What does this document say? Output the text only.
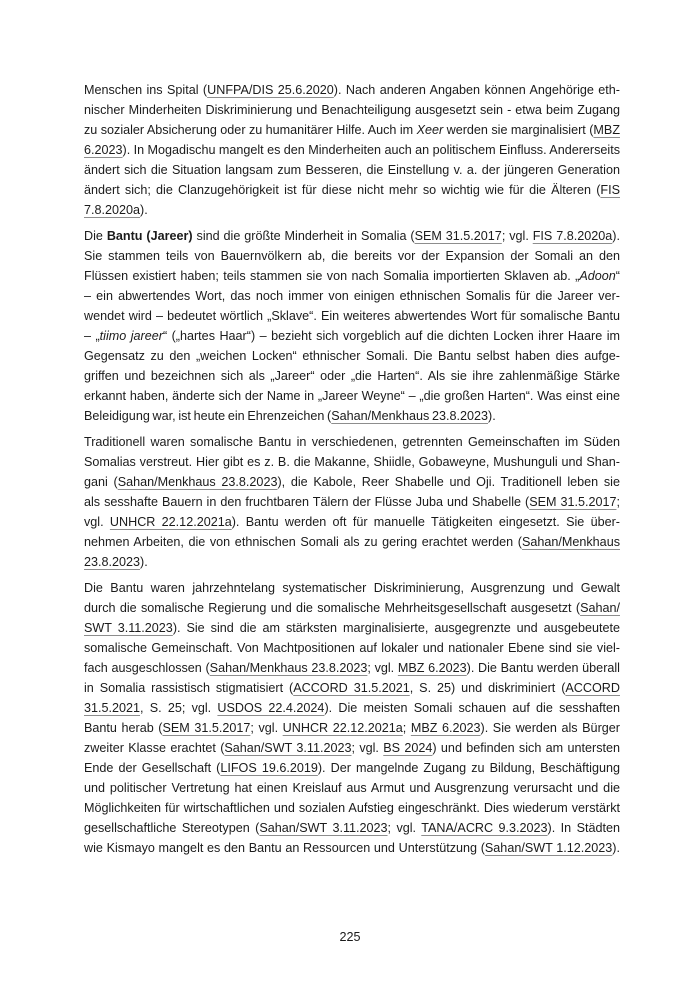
Menschen ins Spital (UNFPA/DIS 25.6.2020). Nach anderen Angaben können Angehörige eth-
nischer Minderheiten Diskriminierung und Benachteiligung ausgesetzt sein - etwa beim Zugang
zu sozialer Absicherung oder zu humanitärer Hilfe. Auch im Xeer werden sie marginalisiert (MBZ
6.2023). In Mogadischu mangelt es den Minderheiten auch an politischem Einfluss. Andererseits
ändert sich die Situation langsam zum Besseren, die Einstellung v. a. der jüngeren Generation
ändert sich; die Clanzugehörigkeit ist für diese nicht mehr so wichtig wie für die Älteren (FIS
7.8.2020a).
Die Bantu (Jareer) sind die größte Minderheit in Somalia (SEM 31.5.2017; vgl. FIS 7.8.2020a).
Sie stammen teils von Bauernvölkern ab, die bereits vor der Expansion der Somali an den
Flüssen existiert haben; teils stammen sie von nach Somalia importierten Sklaven ab. „Adoon“
– ein abwertendes Wort, das noch immer von einigen ethnischen Somalis für die Jareer ver-
wendet wird – bedeutet wörtlich „Sklave“. Ein weiteres abwertendes Wort für somalische Bantu
– „tiimo jareer“ („hartes Haar“) – bezieht sich vorgeblich auf die dichten Locken ihrer Haare im
Gegensatz zu den „weichen Locken“ ethnischer Somali. Die Bantu selbst haben dies aufge-
griffen und bezeichnen sich als „Jareer“ oder „die Harten“. Als sie ihre zahlenmäßige Stärke
erkannt haben, änderte sich der Name in „Jareer Weyne“ – „die großen Harten“. Was einst eine
Beleidigung war, ist heute ein Ehrenzeichen (Sahan/Menkhaus 23.8.2023).
Traditionell waren somalische Bantu in verschiedenen, getrennten Gemeinschaften im Süden
Somalias verstreut. Hier gibt es z. B. die Makanne, Shiidle, Gobaweyne, Mushunguli und Shan-
gani (Sahan/Menkhaus 23.8.2023), die Kabole, Reer Shabelle und Oji. Traditionell leben sie
als sesshafte Bauern in den fruchtbaren Tälern der Flüsse Juba und Shabelle (SEM 31.5.2017;
vgl. UNHCR 22.12.2021a). Bantu werden oft für manuelle Tätigkeiten eingesetzt. Sie über-
nehmen Arbeiten, die von ethnischen Somali als zu gering erachtet werden (Sahan/Menkhaus
23.8.2023).
Die Bantu waren jahrzehntelang systematischer Diskriminierung, Ausgrenzung und Gewalt
durch die somalische Regierung und die somalische Mehrheitsgesellschaft ausgesetzt (Sahan/
SWT 3.11.2023). Sie sind die am stärksten marginalisierte, ausgegrenzte und ausgebeutete
somalische Gemeinschaft. Von Machtpositionen auf lokaler und nationaler Ebene sind sie viel-
fach ausgeschlossen (Sahan/Menkhaus 23.8.2023; vgl. MBZ 6.2023). Die Bantu werden überall
in Somalia rassistisch stigmatisiert (ACCORD 31.5.2021, S. 25) und diskriminiert (ACCORD
31.5.2021, S. 25; vgl. USDOS 22.4.2024). Die meisten Somali schauen auf die sesshaften
Bantu herab (SEM 31.5.2017; vgl. UNHCR 22.12.2021a; MBZ 6.2023). Sie werden als Bürger
zweiter Klasse erachtet (Sahan/SWT 3.11.2023; vgl. BS 2024) und befinden sich am untersten
Ende der Gesellschaft (LIFOS 19.6.2019). Der mangelnde Zugang zu Bildung, Beschäftigung
und politischer Vertretung hat einen Kreislauf aus Armut und Ausgrenzung verursacht und die
Möglichkeiten für wirtschaftlichen und sozialen Aufstieg eingeschränkt. Dies wiederum verstärkt
gesellschaftliche Stereotypen (Sahan/SWT 3.11.2023; vgl. TANA/ACRC 9.3.2023). In Städten
wie Kismayo mangelt es den Bantu an Ressourcen und Unterstützung (Sahan/SWT 1.12.2023).
225
